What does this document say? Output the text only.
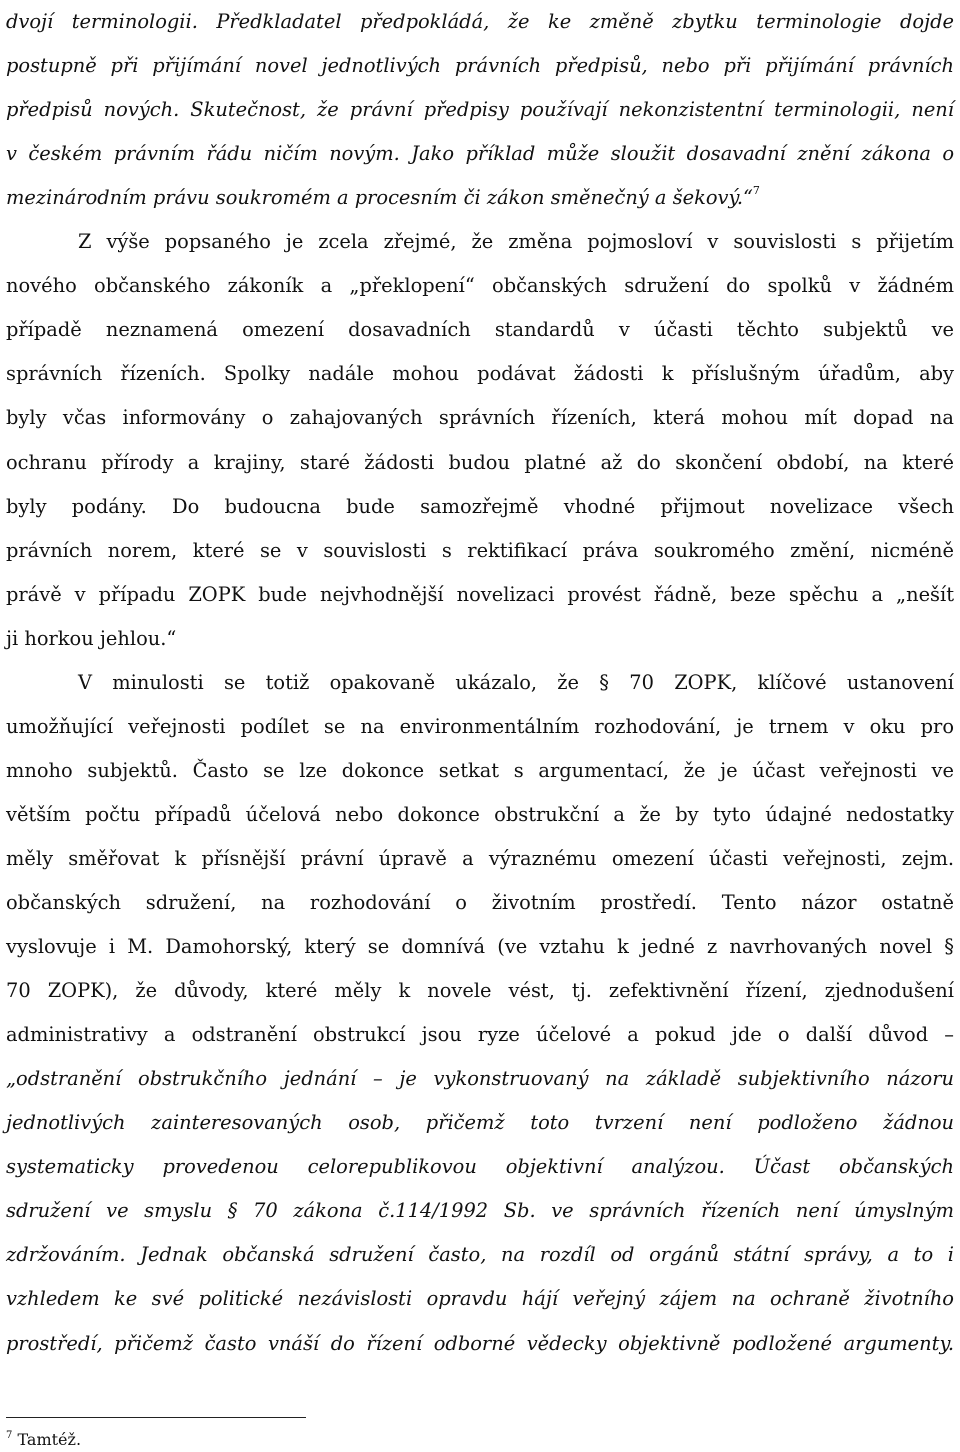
dvojí terminologii. Předkladatel předpokládá, že ke změně zbytku terminologie dojde
postupně při přijímání novel jednotlivých právních předpisů, nebo při přijímání právních
předpisů nových. Skutečnost, že právní předpisy používají nekonzistentní terminologii, není
v českém právním řádu ničím novým. Jako příklad může sloužit dosavadní znění zákona o
mezinárodním právu soukromém a procesním či zákon směnečný a šekový.“$^7$
Z výše popsaného je zcela zřejmé, že změna pojmosloví v souvislosti s přijetím
nového občanského zákoník a „překlopení“ občanských sdružení do spolků v žádném
případě neznamená omezení dosavadních standardů v účasti těchto subjektů ve
správních řízeních. Spolky nadále mohou podávat žádosti k příslušným úřadům, aby
byly včas informovány o zahajovaných správních řízeních, která mohou mít dopad na
ochranu přírody a krajiny, staré žádosti budou platné až do skončení období, na které
byly podány. Do budoucna bude samozřejmě vhodné přijmout novelizace všech
právních norem, které se v souvislosti s rektifikací práva soukromého změní, nicméně
právě v případu ZOPK bude nejvhodnější novelizaci provést řádně, beze spěchu a „nešít
ji horkou jehlou.“
V minulosti se totiž opakovaně ukázalo, že § 70 ZOPK, klíčové ustanovení
umožňující veřejnosti podílet se na environmentálním rozhodování, je trnem v oku pro
mnoho subjektů. Často se lze dokonce setkat s argumentací, že je účast veřejnosti ve
větším počtu případů účelová nebo dokonce obstrukční a že by tyto údajné nedostatky
měly směřovat k přísnější právní úpravě a výraznému omezení účasti veřejnosti, zejm.
občanských sdružení, na rozhodování o životním prostředí. Tento názor ostatně
vyslovuje i M. Damohorský, který se domnívá (ve vztahu k jedné z navrhovaných novel §
70 ZOPK), že důvody, které měly k novele vést, tj. zefektivnění řízení, zjednodušení
administrativy a odstranění obstrukcí jsou ryze účelové a pokud jde o další důvod –
„odstranění obstrukčního jednání – je vykonstruovaný na základě subjektivního názoru
jednotlivých zainteresovaných osob, přičemž toto tvrzení není podloženo žádnou
systematicky provedenou celorepublikovou objektivní analýzou. Účast občanských
sdružení ve smyslu § 70 zákona č.114/1992 Sb. ve správních řízeních není úmyslným
zdržováním. Jednak občanská sdružení často, na rozdíl od orgánů státní správy, a to i
vzhledem ke své politické nezávislosti opravdu hájí veřejný zájem na ochraně životního
prostředí, přičemž často vnáší do řízení odborné vědecky objektivně podložené argumenty.
$^7$ Tamtéž.
